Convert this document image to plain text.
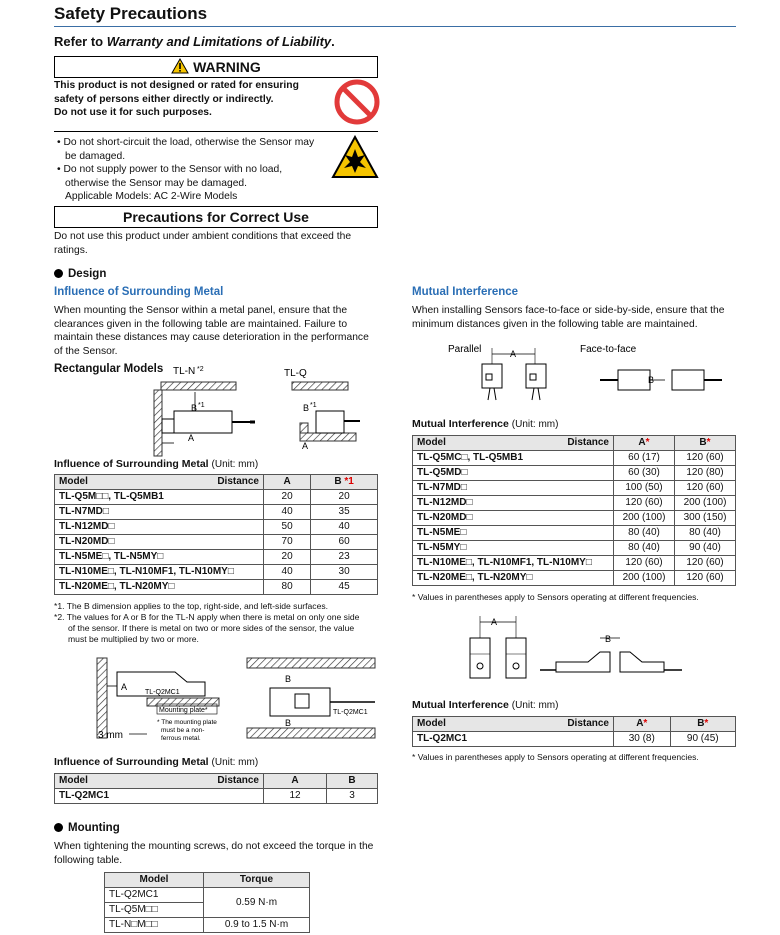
Safety Precautions
Refer to Warranty and Limitations of Liability.
WARNING
This product is not designed or rated for ensuring
safety of persons either directly or indirectly.
Do not use it for such purposes.
• Do not short-circuit the load, otherwise the Sensor may
be damaged.
• Do not supply power to the Sensor with no load,
otherwise the Sensor may be damaged.
Applicable Models: AC 2-Wire Models
Precautions for Correct Use
Do not use this product under ambient conditions that exceed the ratings.
Design
Influence of Surrounding Metal
When mounting the Sensor within a metal panel, ensure that the clearances given in the following table are maintained. Failure to maintain these distances may cause deterioration in the performance of the Sensor.
Rectangular Models TL-N *2
B *1
A
TL-Q
B *1
A
Influence of Surrounding Metal (Unit: mm)
Model Distance	A	B *1
TL-Q5M□□, TL-Q5MB1	20	20
TL-N7MD□	40	35
TL-N12MD□	50	40
TL-N20MD□	70	60
TL-N5ME□, TL-N5MY□	20	23
TL-N10ME□, TL-N10MF1, TL-N10MY□	40	30
TL-N20ME□, TL-N20MY□	80	45
*1. The B dimension applies to the top, right-side, and left-side surfaces.
*2. The values for A or B for the TL-N apply when there is metal on only one side
of the sensor. If there is metal on two or more sides of the sensor, the value
must be multiplied by two or more.
A
TL-Q2MC1
Mounting plate*
* The mounting plate
must be a non-
ferrous metal.
3 mm
TL-Q2MC1
B
B
Influence of Surrounding Metal (Unit: mm)
Model Distance	A	B
TL-Q2MC1	12	3
Mounting
When tightening the mounting screws, do not exceed the torque in the following table.
Model	Torque
TL-Q2MC1	0.59 N·m
TL-Q5M□□	
TL-N□M□□	0.9 to 1.5 N·m
Mutual Interference
When installing Sensors face-to-face or side-by-side, ensure that the minimum distances given in the following table are maintained.
Parallel	Face-to-face
A
B
Mutual Interference (Unit: mm)
Model Distance	A*	B*
TL-Q5MC□, TL-Q5MB1	60 (17)	120 (60)
TL-Q5MD□	60 (30)	120 (80)
TL-N7MD□	100 (50)	120 (60)
TL-N12MD□	120 (60)	200 (100)
TL-N20MD□	200 (100)	300 (150)
TL-N5ME□	80 (40)	80 (40)
TL-N5MY□	80 (40)	90 (40)
TL-N10ME□, TL-N10MF1, TL-N10MY□	120 (60)	120 (60)
TL-N20ME□, TL-N20MY□	200 (100)	120 (60)
* Values in parentheses apply to Sensors operating at different frequencies.
A
B
Mutual Interference (Unit: mm)
Model Distance	A*	B*
TL-Q2MC1	30 (8)	90 (45)
* Values in parentheses apply to Sensors operating at different frequencies.
